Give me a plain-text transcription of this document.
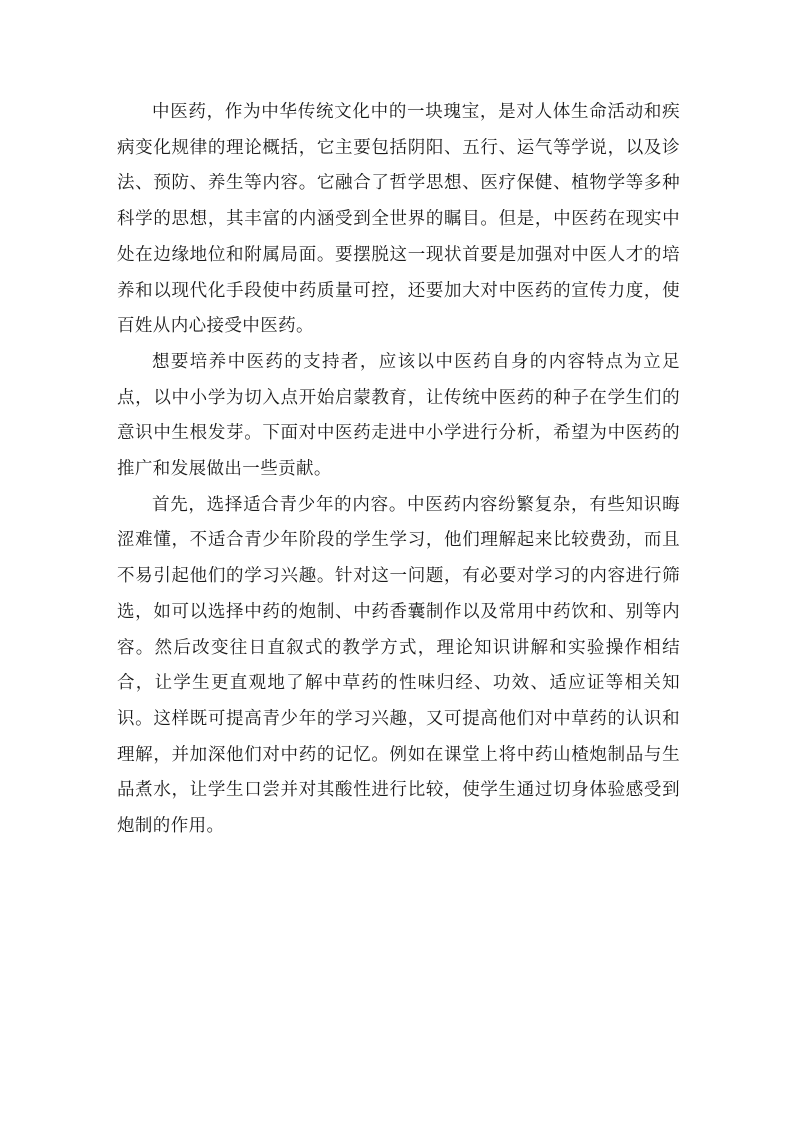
中医药，作为中华传统文化中的一块瑰宝，是对人体生命活动和疾病变化规律的理论概括，它主要包括阴阳、五行、运气等学说，以及诊法、预防、养生等内容。它融合了哲学思想、医疗保健、植物学等多种科学的思想，其丰富的内涵受到全世界的瞩目。但是，中医药在现实中处在边缘地位和附属局面。要摆脱这一现状首要是加强对中医人才的培养和以现代化手段使中药质量可控，还要加大对中医药的宣传力度，使百姓从内心接受中医药。

想要培养中医药的支持者，应该以中医药自身的内容特点为立足点，以中小学为切入点开始启蒙教育，让传统中医药的种子在学生们的意识中生根发芽。下面对中医药走进中小学进行分析，希望为中医药的推广和发展做出一些贡献。

首先，选择适合青少年的内容。中医药内容纷繁复杂，有些知识晦涩难懂，不适合青少年阶段的学生学习，他们理解起来比较费劲，而且不易引起他们的学习兴趣。针对这一问题，有必要对学习的内容进行筛选，如可以选择中药的炮制、中药香囊制作以及常用中药饮和、别等内容。然后改变往日直叙式的教学方式，理论知识讲解和实验操作相结合，让学生更直观地了解中草药的性味归经、功效、适应证等相关知识。这样既可提高青少年的学习兴趣，又可提高他们对中草药的认识和理解，并加深他们对中药的记忆。例如在课堂上将中药山楂炮制品与生品煮水，让学生口尝并对其酸性进行比较，使学生通过切身体验感受到炮制的作用。
